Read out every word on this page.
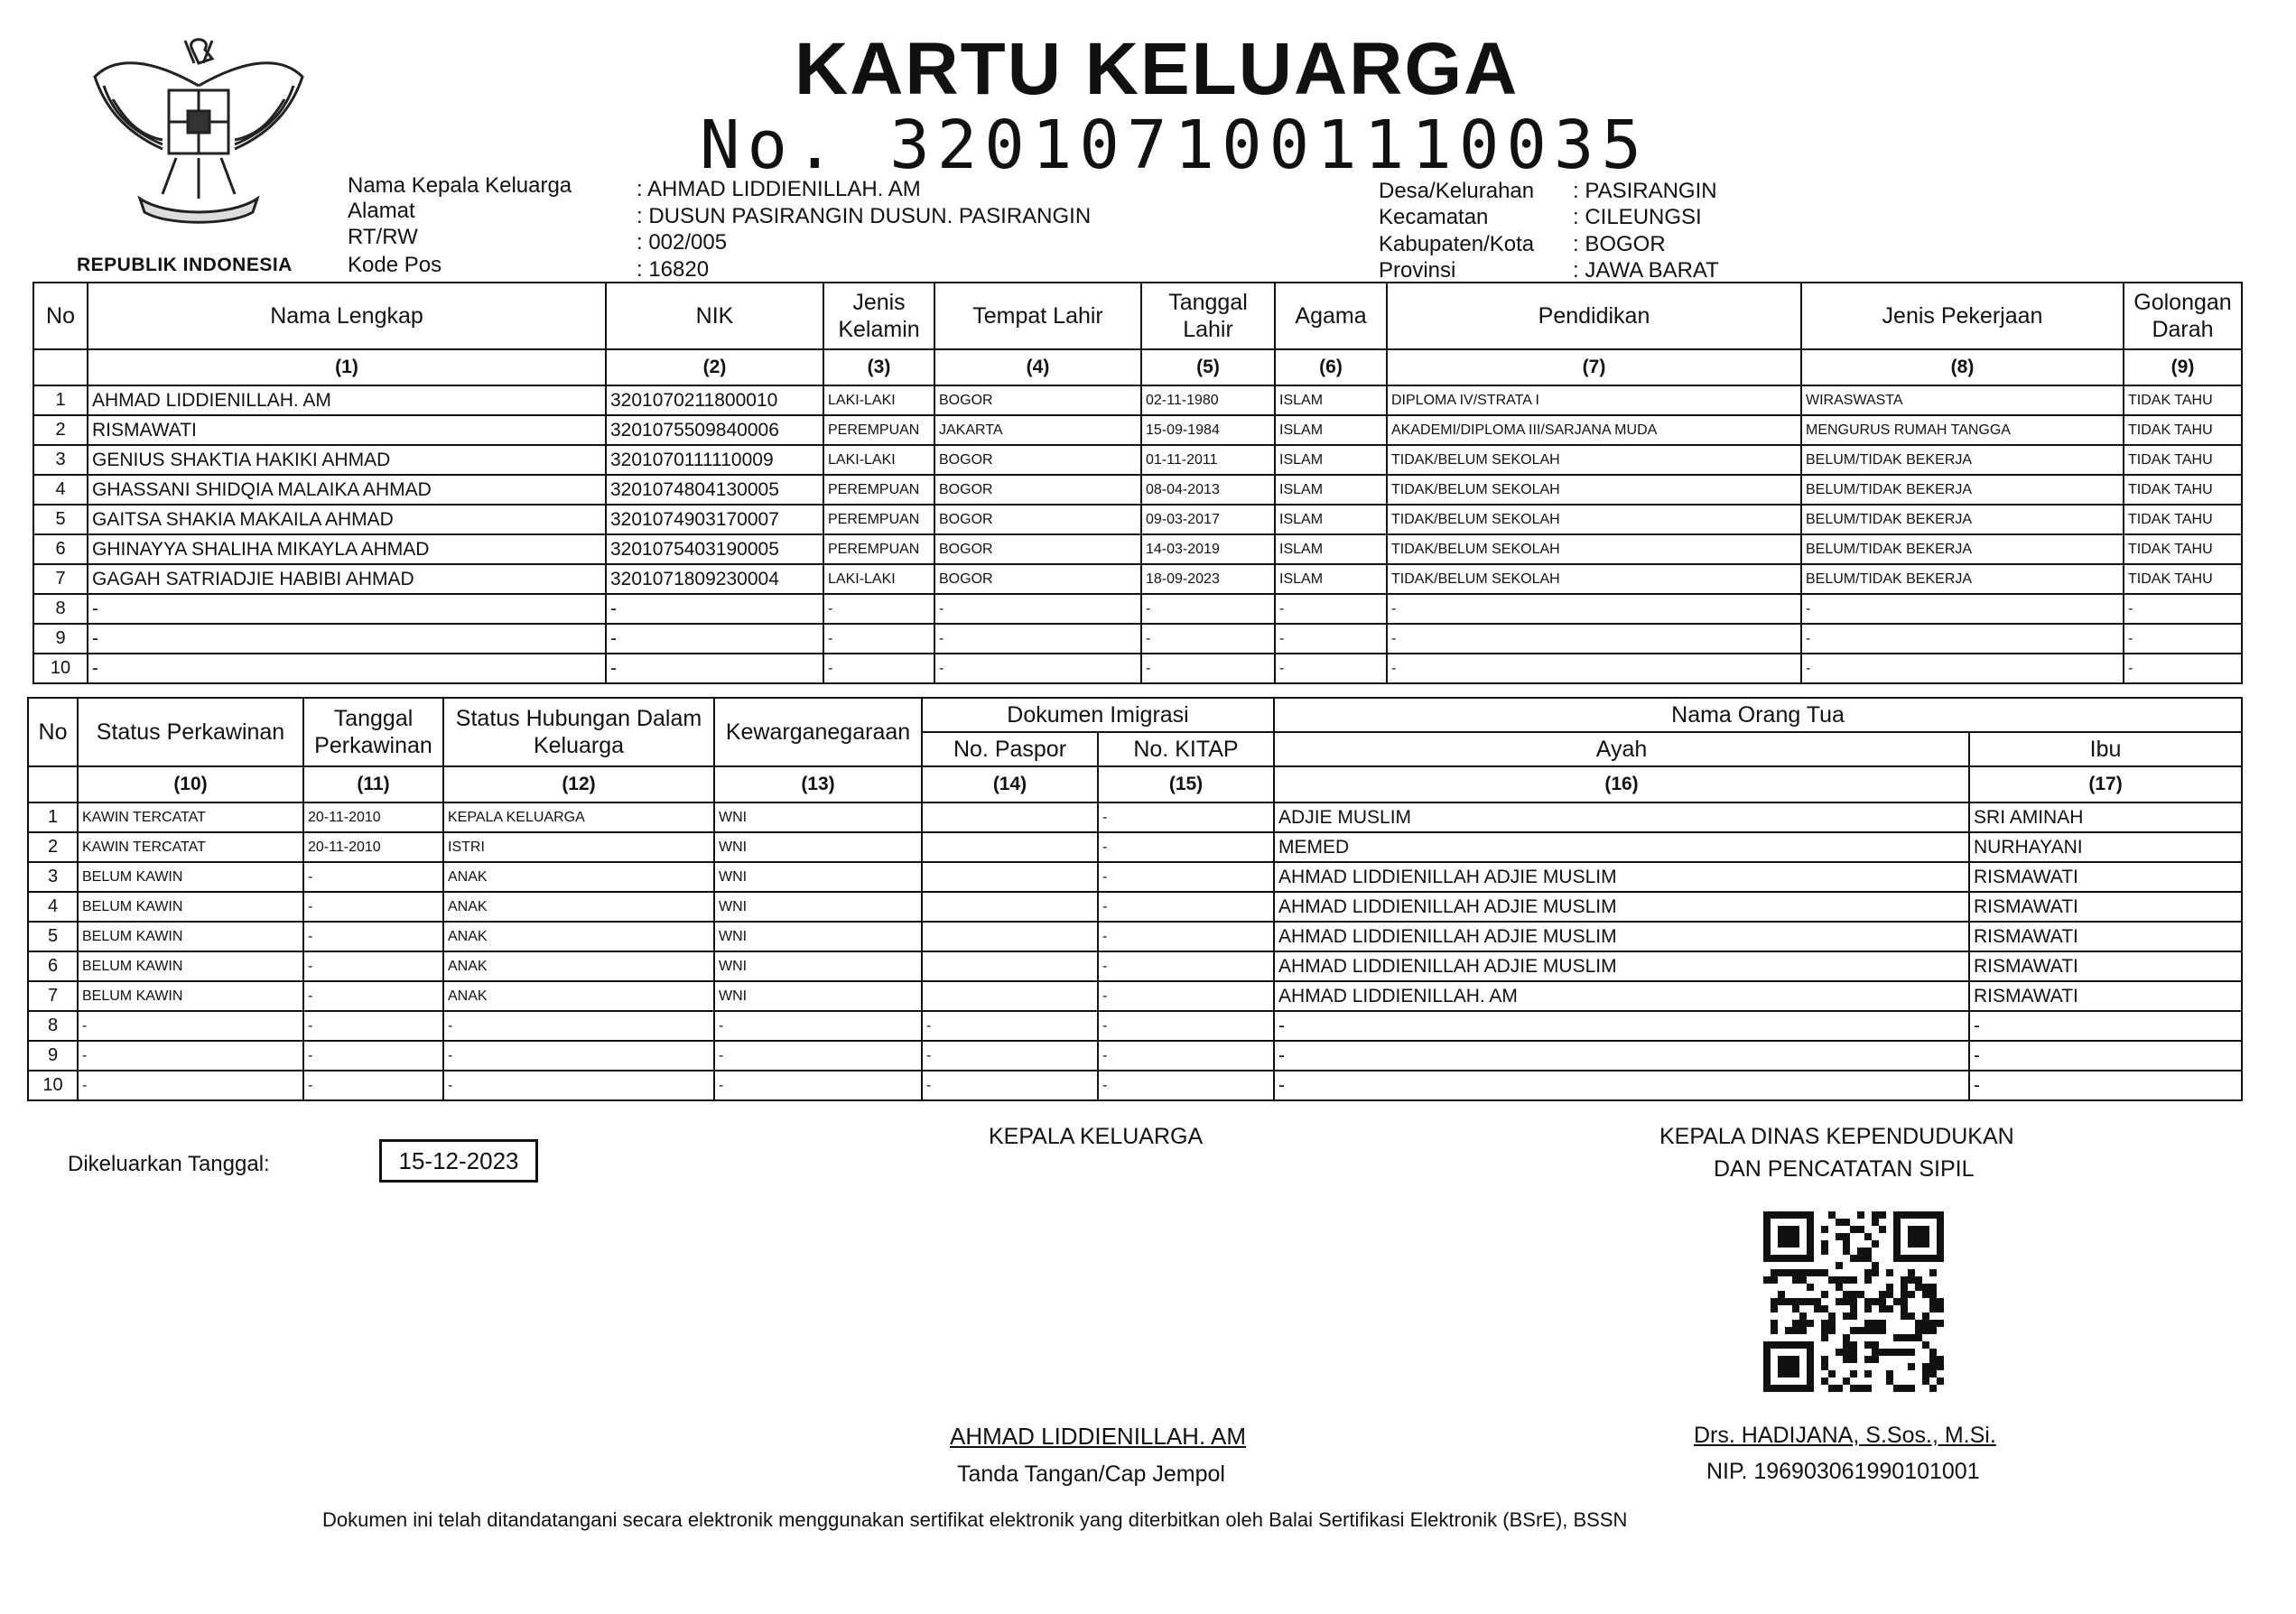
REPUBLIK INDONESIA
KARTU KELUARGA
No. 3201071001110035
Nama Kepala Keluarga
Alamat
RT/RW
Kode Pos
: AHMAD LIDDIENILLAH. AM
: DUSUN PASIRANGIN DUSUN. PASIRANGIN
: 002/005
: 16820
Desa/Kelurahan
Kecamatan
Kabupaten/Kota
Provinsi
: PASIRANGIN
: CILEUNGSI
: BOGOR
: JAWA BARAT
No	Nama Lengkap	NIK	Jenis Kelamin	Tempat Lahir	Tanggal Lahir	Agama	Pendidikan	Jenis Pekerjaan	Golongan Darah
	(1)	(2)	(3)	(4)	(5)	(6)	(7)	(8)	(9)
1	AHMAD LIDDIENILLAH. AM	3201070211800010	LAKI-LAKI	BOGOR	02-11-1980	ISLAM	DIPLOMA IV/STRATA I	WIRASWASTA	TIDAK TAHU
2	RISMAWATI	3201075509840006	PEREMPUAN	JAKARTA	15-09-1984	ISLAM	AKADEMI/DIPLOMA III/SARJANA MUDA	MENGURUS RUMAH TANGGA	TIDAK TAHU
3	GENIUS SHAKTIA HAKIKI AHMAD	3201070111110009	LAKI-LAKI	BOGOR	01-11-2011	ISLAM	TIDAK/BELUM SEKOLAH	BELUM/TIDAK BEKERJA	TIDAK TAHU
4	GHASSANI SHIDQIA MALAIKA AHMAD	3201074804130005	PEREMPUAN	BOGOR	08-04-2013	ISLAM	TIDAK/BELUM SEKOLAH	BELUM/TIDAK BEKERJA	TIDAK TAHU
5	GAITSA SHAKIA MAKAILA AHMAD	3201074903170007	PEREMPUAN	BOGOR	09-03-2017	ISLAM	TIDAK/BELUM SEKOLAH	BELUM/TIDAK BEKERJA	TIDAK TAHU
6	GHINAYYA SHALIHA MIKAYLA AHMAD	3201075403190005	PEREMPUAN	BOGOR	14-03-2019	ISLAM	TIDAK/BELUM SEKOLAH	BELUM/TIDAK BEKERJA	TIDAK TAHU
7	GAGAH SATRIADJIE HABIBI AHMAD	3201071809230004	LAKI-LAKI	BOGOR	18-09-2023	ISLAM	TIDAK/BELUM SEKOLAH	BELUM/TIDAK BEKERJA	TIDAK TAHU
8	-	-	-	-	-	-	-	-	-
9	-	-	-	-	-	-	-	-	-
10	-	-	-	-	-	-	-	-	-
No	Status Perkawinan	Tanggal Perkawinan	Status Hubungan Dalam Keluarga	Kewarganegaraan	Dokumen Imigrasi		Nama Orang Tua	
					No. Paspor	No. KITAP	Ayah	Ibu
	(10)	(11)	(12)	(13)	(14)	(15)	(16)	(17)
1	KAWIN TERCATAT	20-11-2010	KEPALA KELUARGA	WNI		-	ADJIE MUSLIM	SRI AMINAH
2	KAWIN TERCATAT	20-11-2010	ISTRI	WNI		-	MEMED	NURHAYANI
3	BELUM KAWIN	-	ANAK	WNI		-	AHMAD LIDDIENILLAH ADJIE MUSLIM	RISMAWATI
4	BELUM KAWIN	-	ANAK	WNI		-	AHMAD LIDDIENILLAH ADJIE MUSLIM	RISMAWATI
5	BELUM KAWIN	-	ANAK	WNI		-	AHMAD LIDDIENILLAH ADJIE MUSLIM	RISMAWATI
6	BELUM KAWIN	-	ANAK	WNI		-	AHMAD LIDDIENILLAH ADJIE MUSLIM	RISMAWATI
7	BELUM KAWIN	-	ANAK	WNI		-	AHMAD LIDDIENILLAH. AM	RISMAWATI
8	-	-	-	-	-	-	-	-
9	-	-	-	-	-	-	-	-
10	-	-	-	-	-	-	-	-
Dikeluarkan Tanggal:	15-12-2023
KEPALA KELUARGA	KEPALA DINAS KEPENDUDUKAN
DAN PENCATATAN SIPIL
AHMAD LIDDIENILLAH. AM
Tanda Tangan/Cap Jempol
Drs. HADIJANA, S.Sos., M.Si.
NIP. 196903061990101001
Dokumen ini telah ditandatangani secara elektronik menggunakan sertifikat elektronik yang diterbitkan oleh Balai Sertifikasi Elektronik (BSrE), BSSN
